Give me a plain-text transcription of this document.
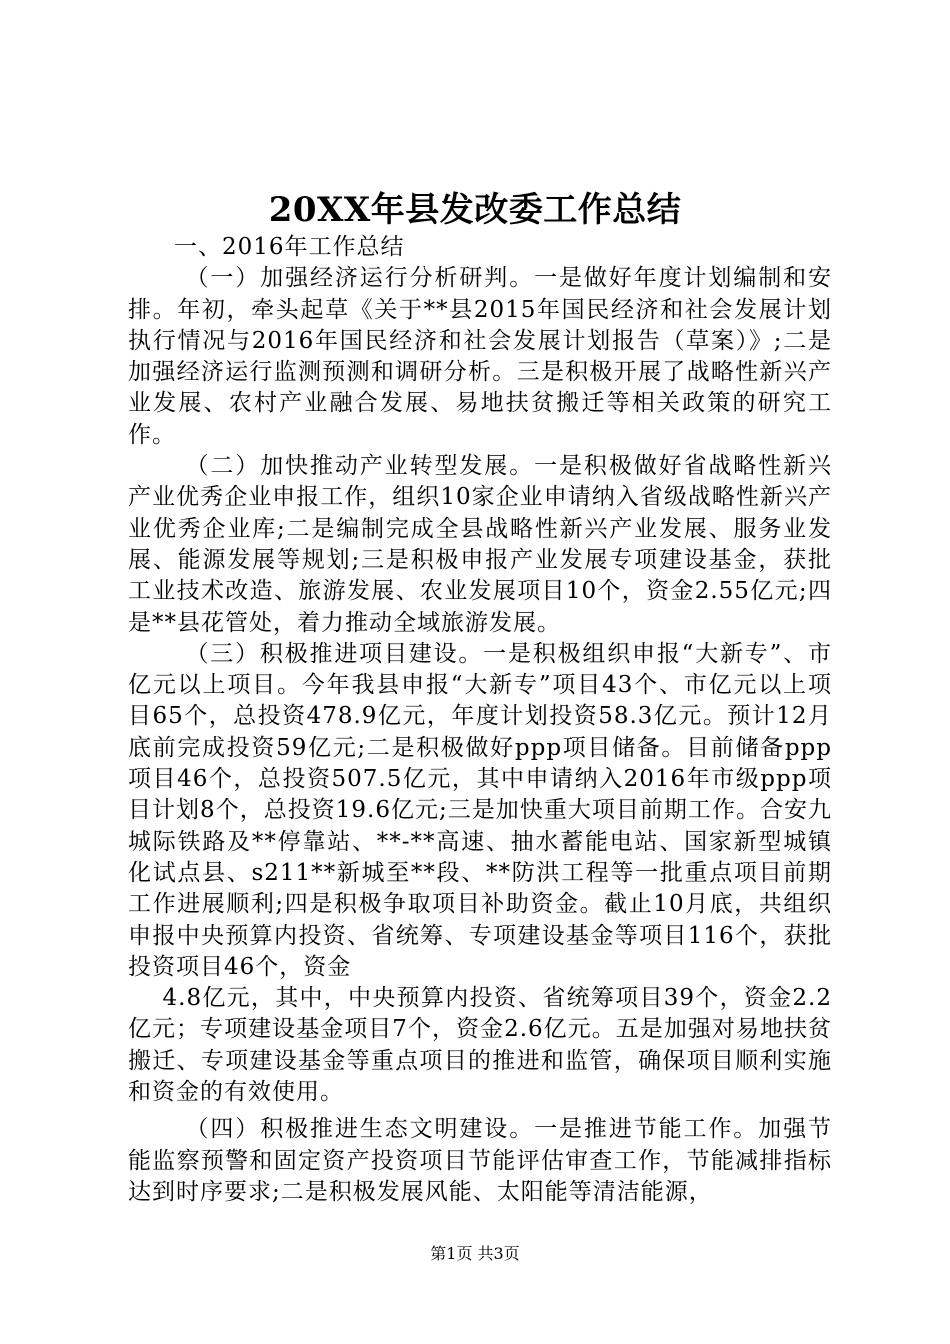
20XX年县发改委工作总结

一、2016年工作总结

（一）加强经济运行分析研判。一是做好年度计划编制和安排。年初，牵头起草《关于**县2015年国民经济和社会发展计划执行情况与2016年国民经济和社会发展计划报告（草案）》;二是加强经济运行监测预测和调研分析。三是积极开展了战略性新兴产业发展、农村产业融合发展、易地扶贫搬迁等相关政策的研究工作。

（二）加快推动产业转型发展。一是积极做好省战略性新兴产业优秀企业申报工作，组织10家企业申请纳入省级战略性新兴产业优秀企业库;二是编制完成全县战略性新兴产业发展、服务业发展、能源发展等规划;三是积极申报产业发展专项建设基金，获批工业技术改造、旅游发展、农业发展项目10个，资金2.55亿元;四是**县花管处，着力推动全域旅游发展。

（三）积极推进项目建设。一是积极组织申报“大新专”、市亿元以上项目。今年我县申报“大新专”项目43个、市亿元以上项目65个，总投资478.9亿元，年度计划投资58.3亿元。预计12月底前完成投资59亿元;二是积极做好ppp项目储备。目前储备ppp项目46个，总投资507.5亿元，其中申请纳入2016年市级ppp项目计划8个，总投资19.6亿元;三是加快重大项目前期工作。合安九城际铁路及**停靠站、**-**高速、抽水蓄能电站、国家新型城镇化试点县、s211**新城至**段、**防洪工程等一批重点项目前期工作进展顺利;四是积极争取项目补助资金。截止10月底，共组织申报中央预算内投资、省统筹、专项建设基金等项目116个，获批投资项目46个，资金

4.8亿元，其中，中央预算内投资、省统筹项目39个，资金2.2亿元；专项建设基金项目7个，资金2.6亿元。五是加强对易地扶贫搬迁、专项建设基金等重点项目的推进和监管，确保项目顺利实施和资金的有效使用。

（四）积极推进生态文明建设。一是推进节能工作。加强节能监察预警和固定资产投资项目节能评估审查工作，节能减排指标达到时序要求;二是积极发展风能、太阳能等清洁能源，

第1页 共3页
